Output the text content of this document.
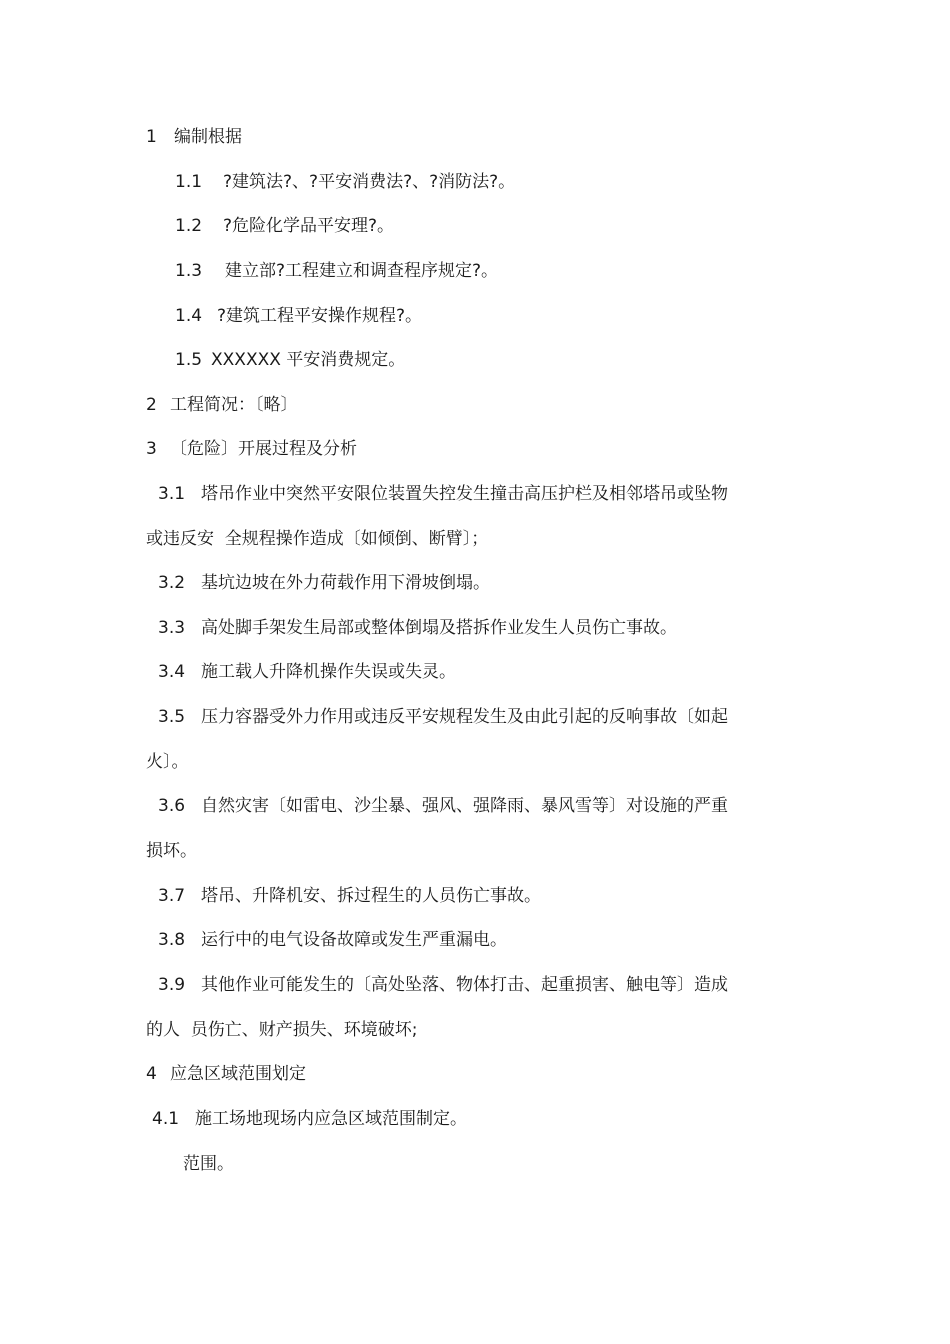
1 编制根据
1.1 ?建筑法?、?平安消费法?、?消防法?。
1.2 ?危险化学品平安理?。
1.3 建立部?工程建立和调查程序规定?。
1.4 ?建筑工程平安操作规程?。
1.5 XXXXXX 平安消费规定。
2 工程简况：〔略〕
3 〔危险〕开展过程及分析
3.1 塔吊作业中突然平安限位装置失控发生撞击高压护栏及相邻塔吊或坠物
或违反安  全规程操作造成〔如倾倒、断臂〕；
3.2 基坑边坡在外力荷载作用下滑坡倒塌。
3.3 高处脚手架发生局部或整体倒塌及搭拆作业发生人员伤亡事故。
3.4 施工载人升降机操作失误或失灵。
3.5 压力容器受外力作用或违反平安规程发生及由此引起的反响事故〔如起
火〕。
3.6 自然灾害〔如雷电、沙尘暴、强风、强降雨、暴风雪等〕对设施的严重
损坏。
3.7 塔吊、升降机安、拆过程生的人员伤亡事故。
3.8 运行中的电气设备故障或发生严重漏电。
3.9 其他作业可能发生的〔高处坠落、物体打击、起重损害、触电等〕造成
的人  员伤亡、财产损失、环境破坏;
4 应急区域范围划定
4.1 施工场地现场内应急区域范围制定。
范围。
